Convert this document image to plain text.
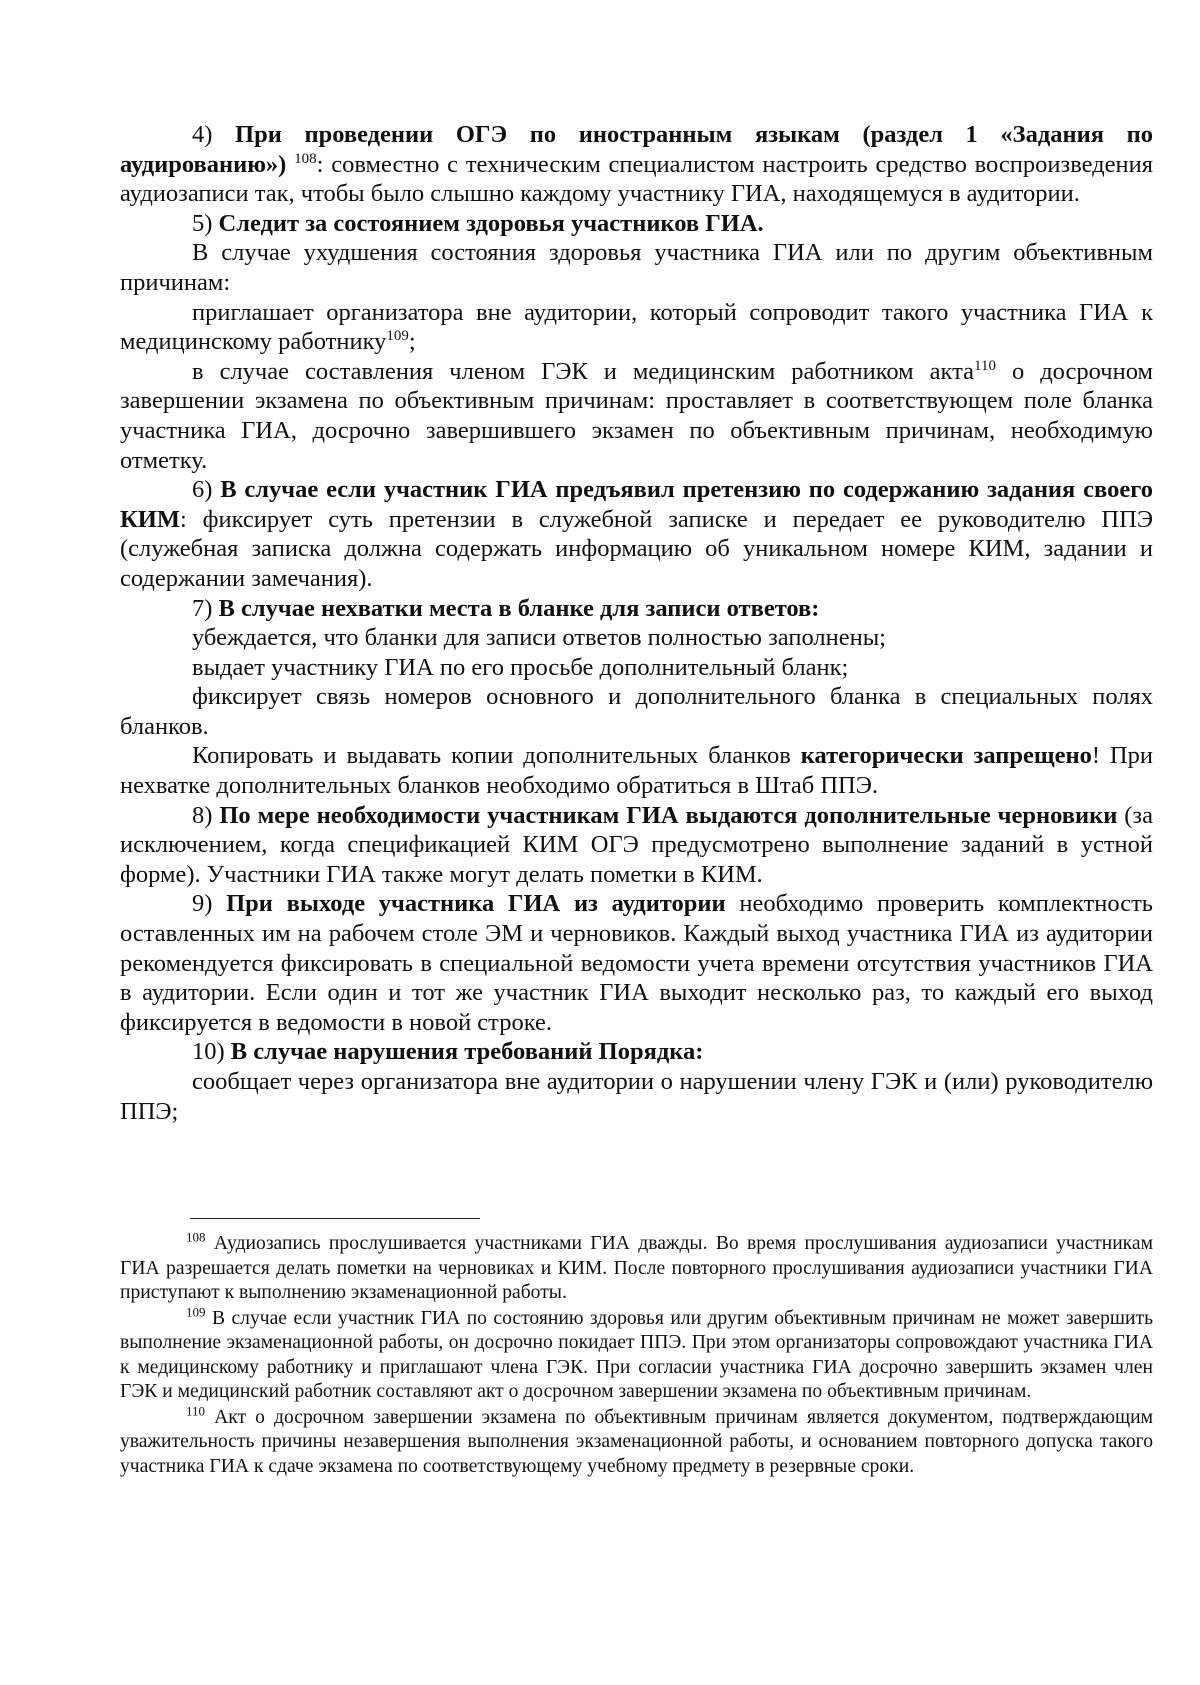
4) При проведении ОГЭ по иностранным языкам (раздел 1 «Задания по аудированию») $^{108}$: совместно с техническим специалистом настроить средство воспроизведения аудиозаписи так, чтобы было слышно каждому участнику ГИА, находящемуся в аудитории.

5) Следит за состоянием здоровья участников ГИА.

В случае ухудшения состояния здоровья участника ГИА или по другим объективным причинам:

приглашает организатора вне аудитории, который сопроводит такого участника ГИА к медицинскому работнику$^{109}$;

в случае составления членом ГЭК и медицинским работником акта$^{110}$ о досрочном завершении экзамена по объективным причинам: проставляет в соответствующем поле бланка участника ГИА, досрочно завершившего экзамен по объективным причинам, необходимую отметку.

6) В случае если участник ГИА предъявил претензию по содержанию задания своего КИМ: фиксирует суть претензии в служебной записке и передает ее руководителю ППЭ (служебная записка должна содержать информацию об уникальном номере КИМ, задании и содержании замечания).

7) В случае нехватки места в бланке для записи ответов:

убеждается, что бланки для записи ответов полностью заполнены;

выдает участнику ГИА по его просьбе дополнительный бланк;

фиксирует связь номеров основного и дополнительного бланка в специальных полях бланков.

Копировать и выдавать копии дополнительных бланков категорически запрещено! При нехватке дополнительных бланков необходимо обратиться в Штаб ППЭ.

8) По мере необходимости участникам ГИА выдаются дополнительные черновики (за исключением, когда спецификацией КИМ ОГЭ предусмотрено выполнение заданий в устной форме). Участники ГИА также могут делать пометки в КИМ.

9) При выходе участника ГИА из аудитории необходимо проверить комплектность оставленных им на рабочем столе ЭМ и черновиков. Каждый выход участника ГИА из аудитории рекомендуется фиксировать в специальной ведомости учета времени отсутствия участников ГИА в аудитории. Если один и тот же участник ГИА выходит несколько раз, то каждый его выход фиксируется в ведомости в новой строке.

10) В случае нарушения требований Порядка:

сообщает через организатора вне аудитории о нарушении члену ГЭК и (или) руководителю ППЭ;

$^{108}$ Аудиозапись прослушивается участниками ГИА дважды. Во время прослушивания аудиозаписи участникам ГИА разрешается делать пометки на черновиках и КИМ. После повторного прослушивания аудиозаписи участники ГИА приступают к выполнению экзаменационной работы.

$^{109}$ В случае если участник ГИА по состоянию здоровья или другим объективным причинам не может завершить выполнение экзаменационной работы, он досрочно покидает ППЭ. При этом организаторы сопровождают участника ГИА к медицинскому работнику и приглашают члена ГЭК. При согласии участника ГИА досрочно завершить экзамен член ГЭК и медицинский работник составляют акт о досрочном завершении экзамена по объективным причинам.

$^{110}$ Акт о досрочном завершении экзамена по объективным причинам является документом, подтверждающим уважительность причины незавершения выполнения экзаменационной работы, и основанием повторного допуска такого участника ГИА к сдаче экзамена по соответствующему учебному предмету в резервные сроки.
